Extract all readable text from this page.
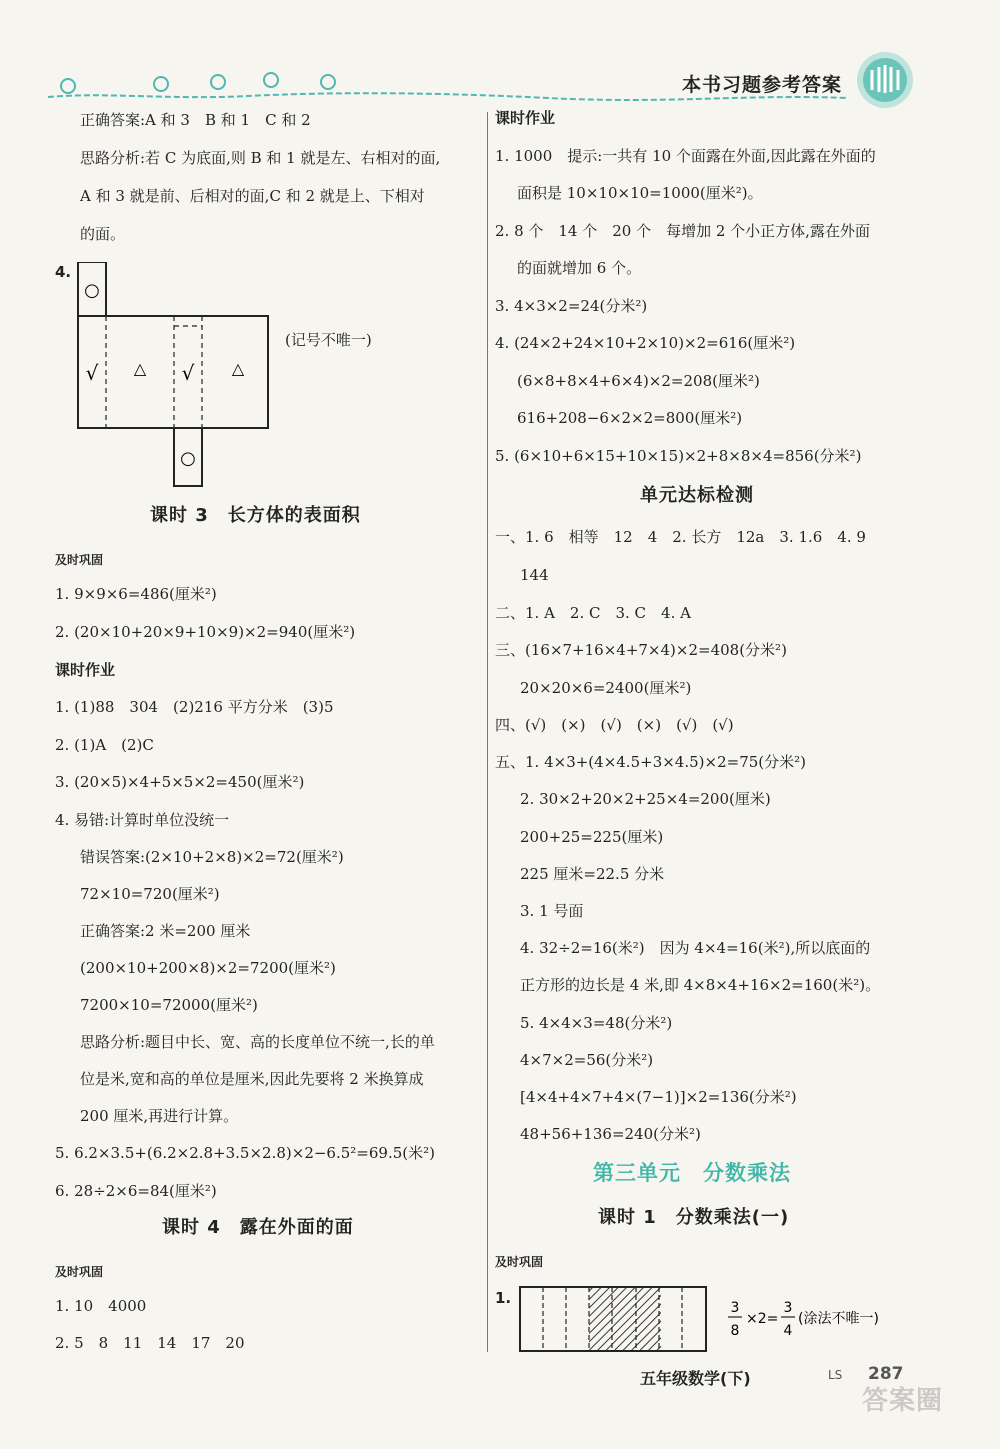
本书习题参考答案
正确答案:A 和 3　B 和 1　C 和 2
思路分析:若 C 为底面,则 B 和 1 就是左、右相对的面,
A 和 3 就是前、后相对的面,C 和 2 就是上、下相对
的面。
4.
○
√ △ √ △
○
(记号不唯一)
课时 3　长方体的表面积
及时巩固
1. 9×9×6=486(厘米²)
2. (20×10+20×9+10×9)×2=940(厘米²)
课时作业
1. (1)88　304　(2)216 平方分米　(3)5
2. (1)A　(2)C
3. (20×5)×4+5×5×2=450(厘米²)
4. 易错:计算时单位没统一
错误答案:(2×10+2×8)×2=72(厘米²)
72×10=720(厘米²)
正确答案:2 米=200 厘米
(200×10+200×8)×2=7200(厘米²)
7200×10=72000(厘米²)
思路分析:题目中长、宽、高的长度单位不统一,长的单
位是米,宽和高的单位是厘米,因此先要将 2 米换算成
200 厘米,再进行计算。
5. 6.2×3.5+(6.2×2.8+3.5×2.8)×2−6.5²=69.5(米²)
6. 28÷2×6=84(厘米²)
课时 4　露在外面的面
及时巩固
1. 10　4000
2. 5　8　11　14　17　20
课时作业
1. 1000　提示:一共有 10 个面露在外面,因此露在外面的
面积是 10×10×10=1000(厘米²)。
2. 8 个　14 个　20 个　每增加 2 个小正方体,露在外面
的面就增加 6 个。
3. 4×3×2=24(分米²)
4. (24×2+24×10+2×10)×2=616(厘米²)
(6×8+8×4+6×4)×2=208(厘米²)
616+208−6×2×2=800(厘米²)
5. (6×10+6×15+10×15)×2+8×8×4=856(分米²)
单元达标检测
一、1. 6　相等　12　4　2. 长方　12a　3. 1.6　4. 9
144
二、1. A　2. C　3. C　4. A
三、(16×7+16×4+7×4)×2=408(分米²)
20×20×6=2400(厘米²)
四、(√)　(×)　(√)　(×)　(√)　(√)
五、1. 4×3+(4×4.5+3×4.5)×2=75(分米²)
2. 30×2+20×2+25×4=200(厘米)
200+25=225(厘米)
225 厘米=22.5 分米
3. 1 号面
4. 32÷2=16(米²)　因为 4×4=16(米²),所以底面的
正方形的边长是 4 米,即 4×8×4+16×2=160(米²)。
5. 4×4×3=48(分米²)
4×7×2=56(分米²)
[4×4+4×7+4×(7−1)]×2=136(分米²)
48+56+136=240(分米²)
第三单元　分数乘法
课时 1　分数乘法(一)
及时巩固
1.
3
8
×2=
3
4
(涂法不唯一)
五年级数学(下)	LS 287
答案圈
